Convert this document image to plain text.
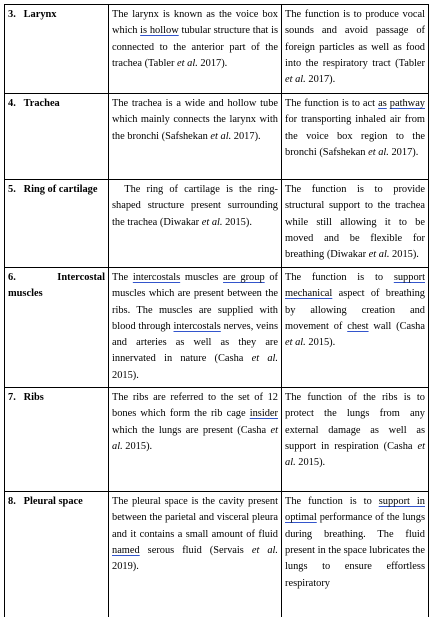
3. Larynx	The larynx is known as the voice box which is hollow tubular structure that is connected to the anterior part of the trachea (Tabler et al. 2017).	The function is to produce vocal sounds and avoid passage of foreign particles as well as food into the respiratory tract (Tabler et al. 2017).
4. Trachea	The trachea is a wide and hollow tube which mainly connects the larynx with the bronchi (Safshekan et al. 2017).	The function is to act as pathway for transporting inhaled air from the voice box region to the bronchi (Safshekan et al. 2017).
5. Ring of cartilage	The ring of cartilage is the ring-shaped structure present surrounding the trachea (Diwakar et al. 2015).	The function is to provide structural support to the trachea while still allowing it to be moved and be flexible for breathing (Diwakar et al. 2015).
6. Intercostal muscles	The intercostals muscles are group of muscles which are present between the ribs. The muscles are supplied with blood through intercostals nerves, veins and arteries as well as they are innervated in nature (Casha et al. 2015).	The function is to support mechanical aspect of breathing by allowing creation and movement of chest wall (Casha et al. 2015).
7. Ribs	The ribs are referred to the set of 12 bones which form the rib cage insider which the lungs are present (Casha et al. 2015).	The function of the ribs is to protect the lungs from any external damage as well as support in respiration (Casha et al. 2015).
8. Pleural space	The pleural space is the cavity present between the parietal and visceral pleura and it contains a small amount of fluid named serous fluid (Servais et al. 2019).	The function is to support in optimal performance of the lungs during breathing. The fluid present in the space lubricates the lungs to ensure effortless respiratory
